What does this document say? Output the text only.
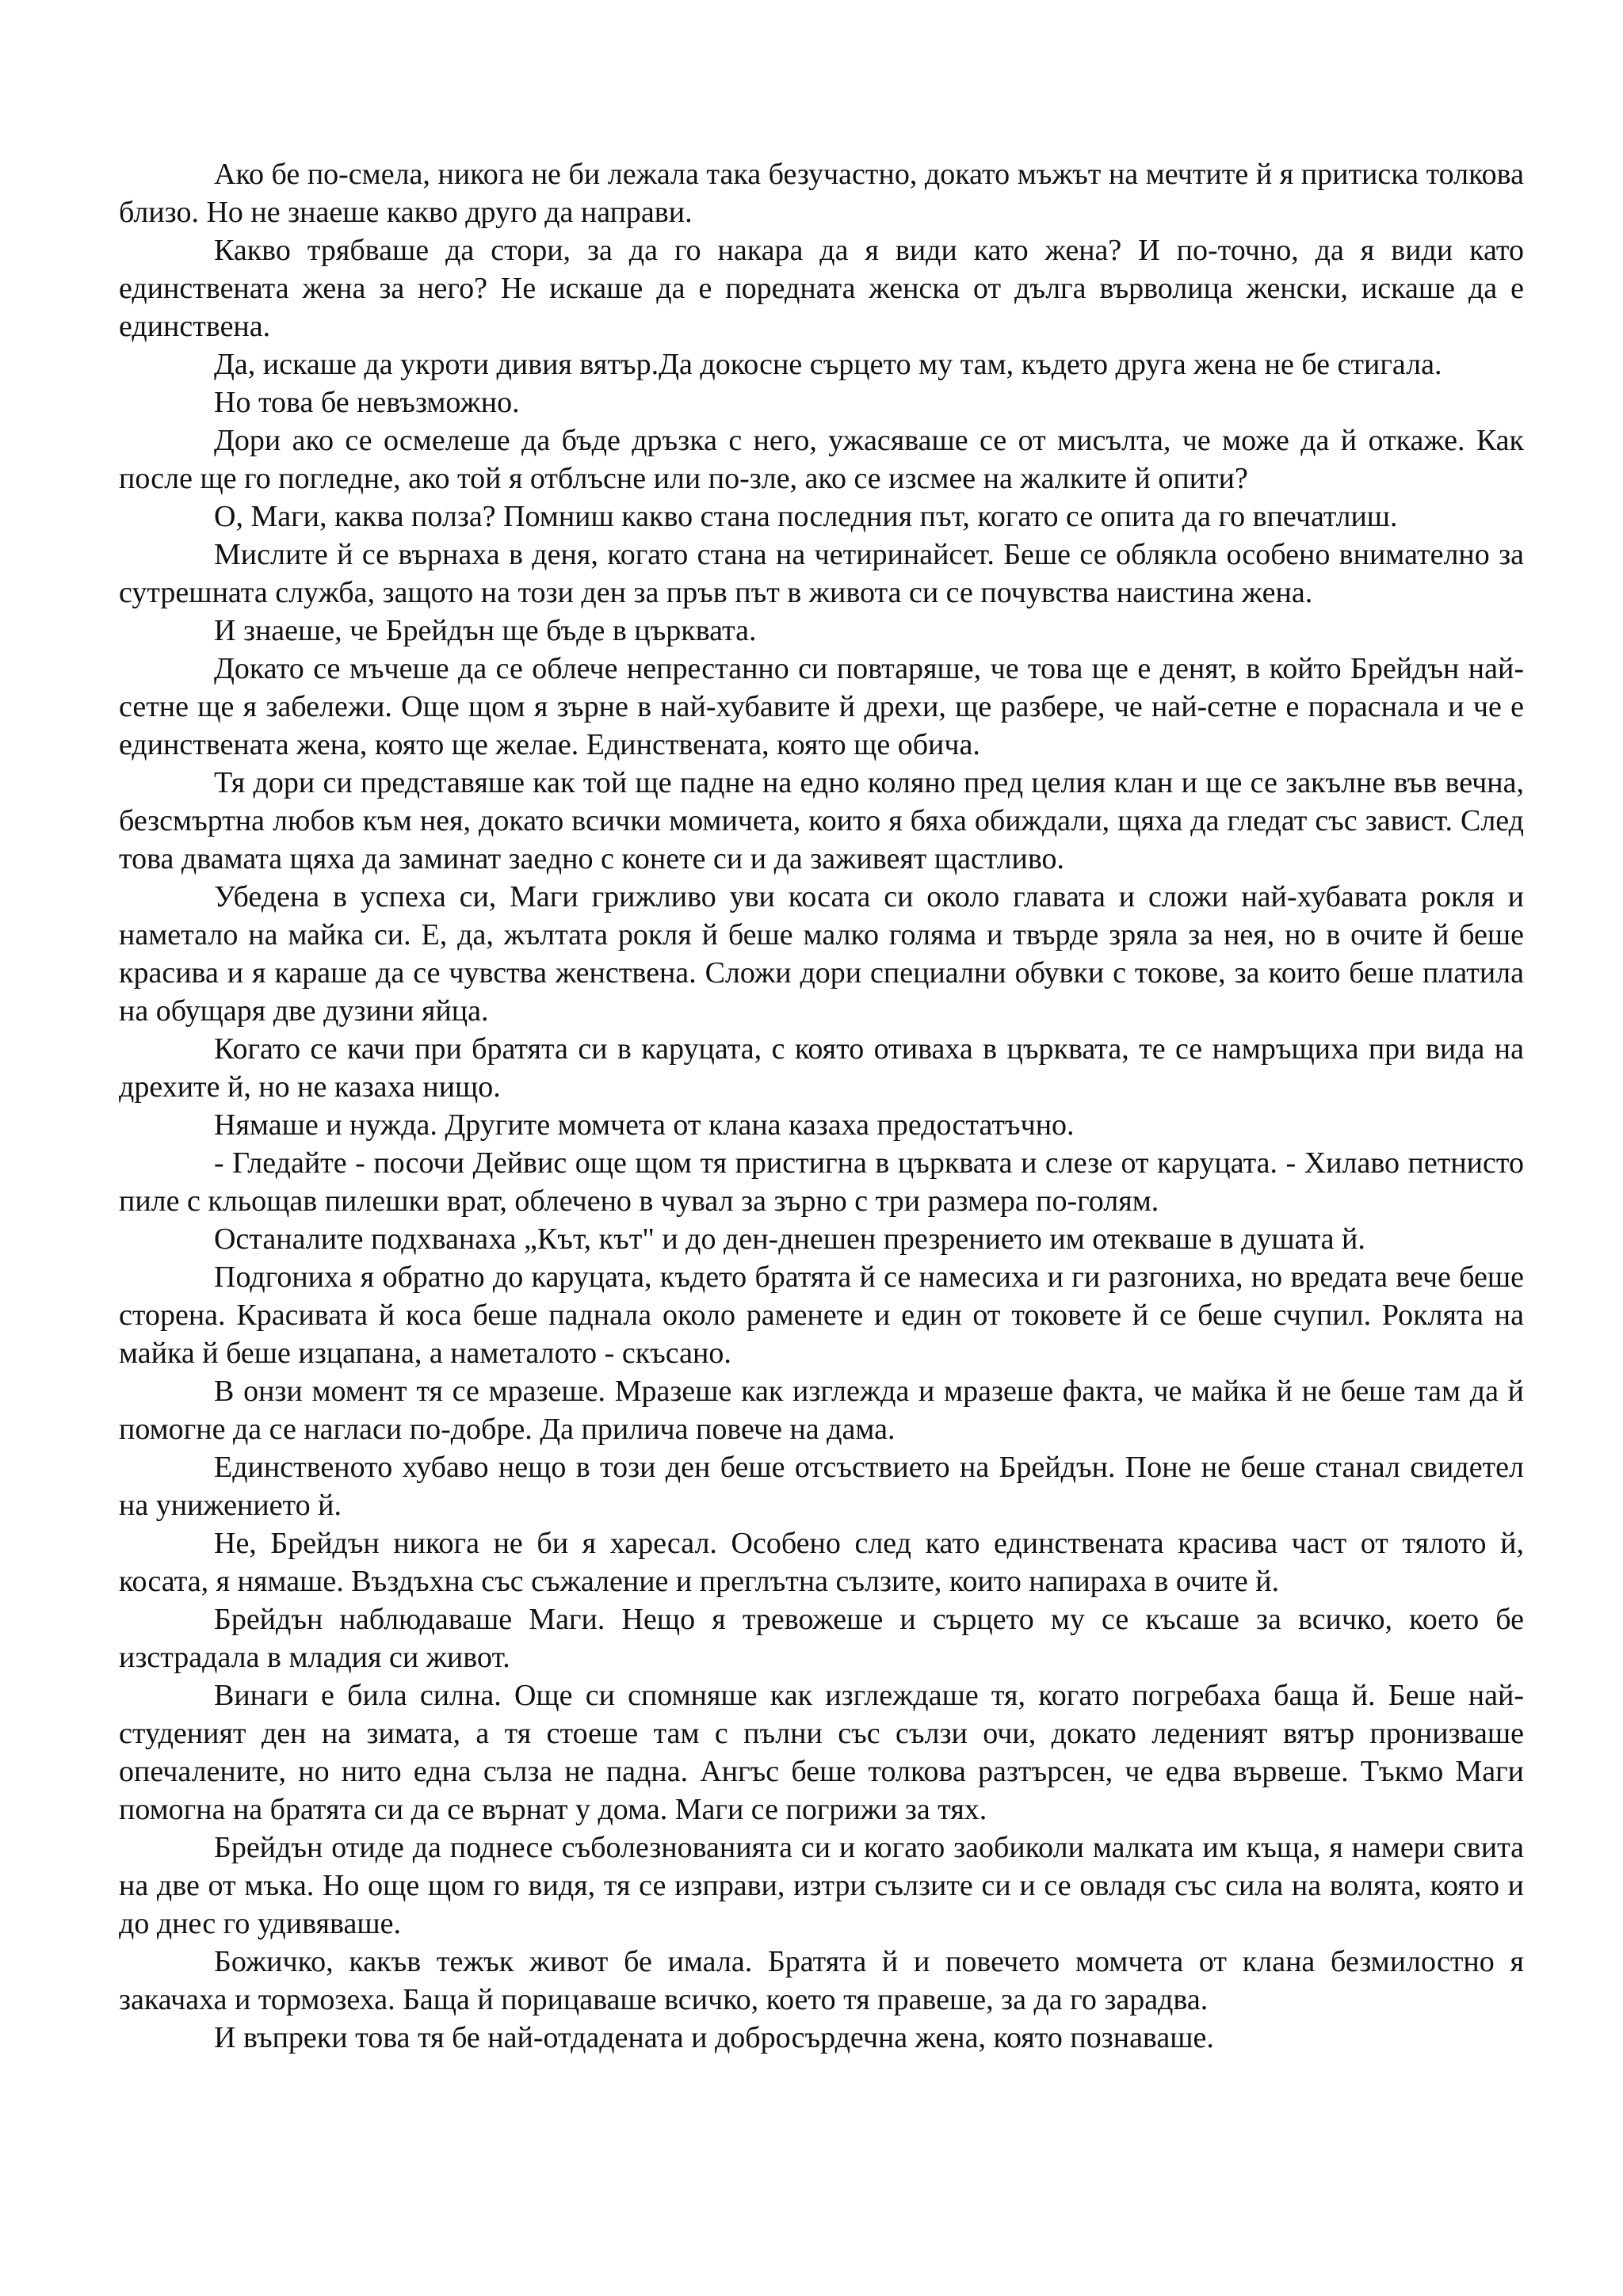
Ако бе по-смела, никога не би лежала така безучастно, докато мъжът на мечтите й я притиска толкова близо. Но не знаеше какво друго да направи.

Какво трябваше да стори, за да го накара да я види като жена? И по-точно, да я види като единствената жена за него? Не искаше да е поредната женска от дълга върволица женски, искаше да е единствена.

Да, искаше да укроти дивия вятър.Да докосне сърцето му там, където друга жена не бе стигала.

Но това бе невъзможно.

Дори ако се осмелеше да бъде дръзка с него, ужасяваше се от мисълта, че може да й откаже. Как после ще го погледне, ако той я отблъсне или по-зле, ако се изсмее на жалките й опити?

О, Маги, каква полза? Помниш какво стана последния път, когато се опита да го впечатлиш.

Мислите й се върнаха в деня, когато стана на четиринайсет. Беше се облякла особено внимателно за сутрешната служба, защото на този ден за пръв път в живота си се почувства наистина жена.

И знаеше, че Брейдън ще бъде в църквата.

Докато се мъчеше да се облече непрестанно си повтаряше, че това ще е денят, в който Брейдън най-сетне ще я забележи. Още щом я зърне в най-хубавите й дрехи, ще разбере, че най-сетне е пораснала и че е единствената жена, която ще желае. Единствената, която ще обича.

Тя дори си представяше как той ще падне на едно коляно пред целия клан и ще се закълне във вечна, безсмъртна любов към нея, докато всички момичета, които я бяха обиждали, щяха да гледат със завист. След това двамата щяха да заминат заедно с конете си и да заживеят щастливо.

Убедена в успеха си, Маги грижливо уви косата си около главата и сложи най-хубавата рокля и наметало на майка си. Е, да, жълтата рокля й беше малко голяма и твърде зряла за нея, но в очите й беше красива и я караше да се чувства женствена. Сложи дори специални обувки с токове, за които беше платила на обущаря две дузини яйца.

Когато се качи при братята си в каруцата, с която отиваха в църквата, те се намръщиха при вида на дрехите й, но не казаха нищо.

Нямаше и нужда. Другите момчета от клана казаха предостатъчно.

- Гледайте - посочи Дейвис още щом тя пристигна в църквата и слезе от каруцата. - Хилаво петнисто пиле с кльощав пилешки врат, облечено в чувал за зърно с три размера по-голям.

Останалите подхванаха „Кът, кът" и до ден-днешен презрението им отекваше в душата й.

Подгониха я обратно до каруцата, където братята й се намесиха и ги разгониха, но вредата вече беше сторена. Красивата й коса беше паднала около раменете и един от токовете й се беше счупил. Роклята на майка й беше изцапана, а наметалото - скъсано.

В онзи момент тя се мразеше. Мразеше как изглежда и мразеше факта, че майка й не беше там да й помогне да се нагласи по-добре. Да прилича повече на дама.

Единственото хубаво нещо в този ден беше отсъствието на Брейдън. Поне не беше станал свидетел на унижението й.

Не, Брейдън никога не би я харесал. Особено след като единствената красива част от тялото й, косата, я нямаше. Въздъхна със съжаление и преглътна сълзите, които напираха в очите й.

Брейдън наблюдаваше Маги. Нещо я тревожеше и сърцето му се късаше за всичко, което бе изстрадала в младия си живот.

Винаги е била силна. Още си спомняше как изглеждаше тя, когато погребаха баща й. Беше най-студеният ден на зимата, а тя стоеше там с пълни със сълзи очи, докато леденият вятър пронизваше опечалените, но нито една сълза не падна. Ангъс беше толкова разтърсен, че едва вървеше. Тъкмо Маги помогна на братята си да се върнат у дома. Маги се погрижи за тях.

Брейдън отиде да поднесе съболезнованията си и когато заобиколи малката им къща, я намери свита на две от мъка. Но още щом го видя, тя се изправи, изтри сълзите си и се овладя със сила на волята, която и до днес го удивяваше.

Божичко, какъв тежък живот бе имала. Братята й и повечето момчета от клана безмилостно я закачаха и тормозеха. Баща й порицаваше всичко, което тя правеше, за да го зарадва.

И въпреки това тя бе най-отдадената и добросърдечна жена, която познаваше.
